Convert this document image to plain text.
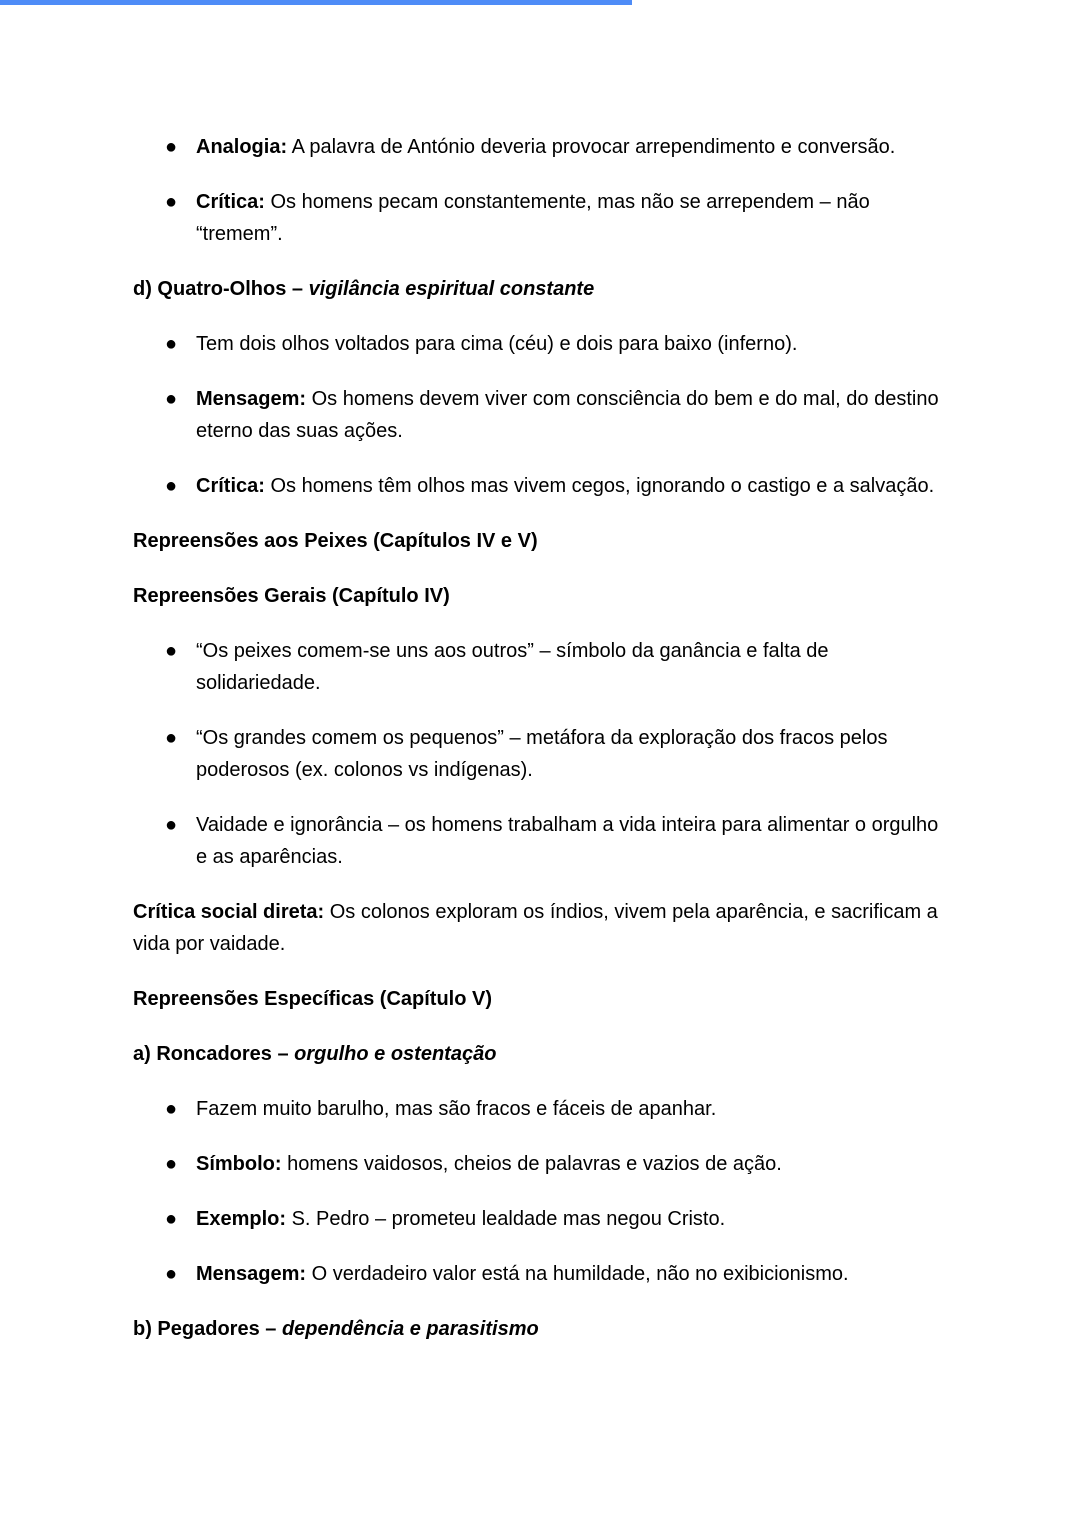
● Analogia: A palavra de António deveria provocar arrependimento e conversão.

● Crítica: Os homens pecam constantemente, mas não se arrependem – não “tremem”.

d) Quatro-Olhos – vigilância espiritual constante

● Tem dois olhos voltados para cima (céu) e dois para baixo (inferno).

● Mensagem: Os homens devem viver com consciência do bem e do mal, do destino eterno das suas ações.

● Crítica: Os homens têm olhos mas vivem cegos, ignorando o castigo e a salvação.

Repreensões aos Peixes (Capítulos IV e V)

Repreensões Gerais (Capítulo IV)

● “Os peixes comem-se uns aos outros” – símbolo da ganância e falta de solidariedade.

● “Os grandes comem os pequenos” – metáfora da exploração dos fracos pelos poderosos (ex. colonos vs indígenas).

● Vaidade e ignorância – os homens trabalham a vida inteira para alimentar o orgulho e as aparências.

Crítica social direta: Os colonos exploram os índios, vivem pela aparência, e sacrificam a vida por vaidade.

Repreensões Específicas (Capítulo V)

a) Roncadores – orgulho e ostentação

● Fazem muito barulho, mas são fracos e fáceis de apanhar.

● Símbolo: homens vaidosos, cheios de palavras e vazios de ação.

● Exemplo: S. Pedro – prometeu lealdade mas negou Cristo.

● Mensagem: O verdadeiro valor está na humildade, não no exibicionismo.

b) Pegadores – dependência e parasitismo
